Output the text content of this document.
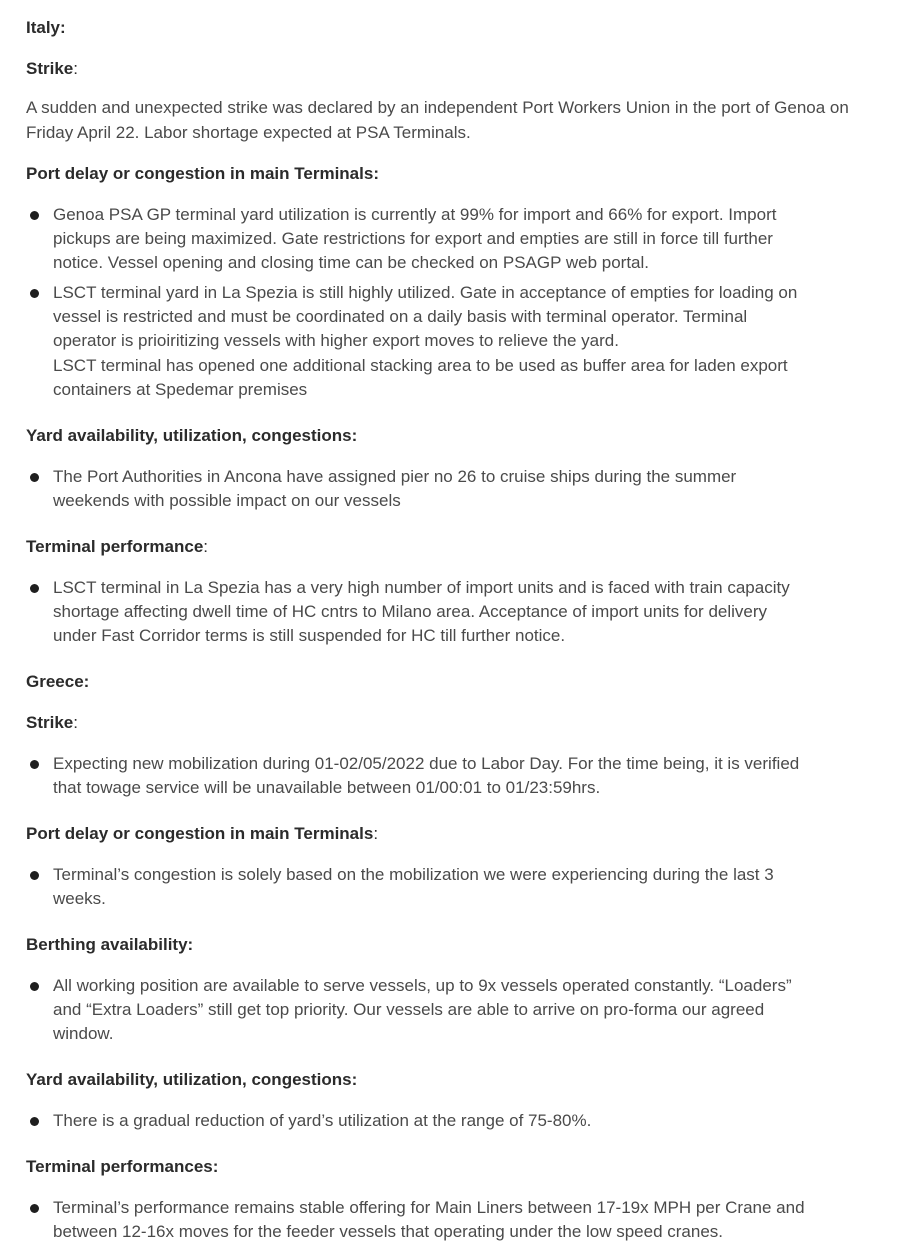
Italy:
Strike:
A sudden and unexpected strike was declared by an independent Port Workers Union in the port of Genoa on Friday April 22. Labor shortage expected at PSA Terminals.
Port delay or congestion in main Terminals:
Genoa PSA GP terminal yard utilization is currently at 99% for import and 66% for export. Import
pickups are being maximized. Gate restrictions for export and empties are still in force till further
notice. Vessel opening and closing time can be checked on PSAGP web portal.
LSCT terminal yard in La Spezia is still highly utilized. Gate in acceptance of empties for loading on
vessel is restricted and must be coordinated on a daily basis with terminal operator. Terminal
operator is prioiritizing vessels with higher export moves to relieve the yard.
LSCT terminal has opened one additional stacking area to be used as buffer area for laden export
containers at Spedemar premises
Yard availability, utilization, congestions:
The Port Authorities in Ancona have assigned pier no 26 to cruise ships during the summer
weekends with possible impact on our vessels
Terminal performance:
LSCT terminal in La Spezia has a very high number of import units and is faced with train capacity
shortage affecting dwell time of HC cntrs to Milano area. Acceptance of import units for delivery
under Fast Corridor terms is still suspended for HC till further notice.
Greece:
Strike:
Expecting new mobilization during 01-02/05/2022 due to Labor Day. For the time being, it is verified
that towage service will be unavailable between 01/00:01 to 01/23:59hrs.
Port delay or congestion in main Terminals:
Terminal’s congestion is solely based on the mobilization we were experiencing during the last 3
weeks.
Berthing availability:
All working position are available to serve vessels, up to 9x vessels operated constantly. “Loaders”
and “Extra Loaders” still get top priority. Our vessels are able to arrive on pro-forma our agreed
window.
Yard availability, utilization, congestions:
There is a gradual reduction of yard’s utilization at the range of 75-80%.
Terminal performances:
Terminal’s performance remains stable offering for Main Liners between 17-19x MPH per Crane and
between 12-16x moves for the feeder vessels that operating under the low speed cranes.
